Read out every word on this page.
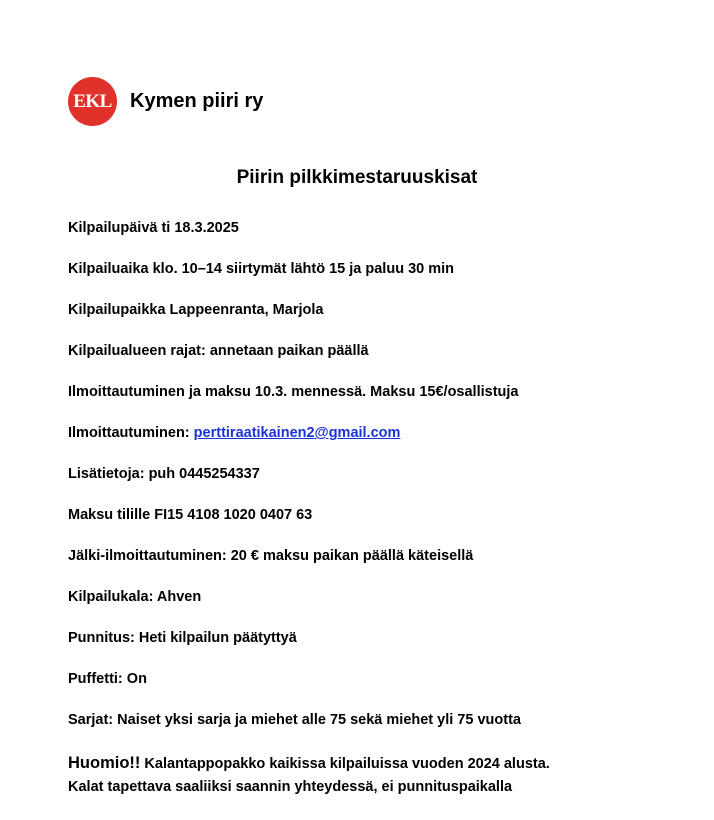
EKL Kymen piiri ry
Piirin pilkkimestaruuskisat
Kilpailupäivä ti 18.3.2025
Kilpailuaika klo. 10–14 siirtymät lähtö 15 ja paluu 30 min
Kilpailupaikka Lappeenranta, Marjola
Kilpailualueen rajat: annetaan paikan päällä
Ilmoittautuminen ja maksu 10.3. mennessä. Maksu 15€/osallistuja
Ilmoittautuminen: perttiraatikainen2@gmail.com
Lisätietoja: puh 0445254337
Maksu tilille FI15 4108 1020 0407 63
Jälki-ilmoittautuminen: 20 € maksu paikan päällä käteisellä
Kilpailukala: Ahven
Punnitus: Heti kilpailun päätyttyä
Puffetti: On
Sarjat: Naiset yksi sarja ja miehet alle 75 sekä miehet yli 75 vuotta
Huomio!! Kalantappopakko kaikissa kilpailuissa vuoden 2024 alusta.
Kalat tapettava saaliiksi saannin yhteydessä, ei punnituspaikalla
